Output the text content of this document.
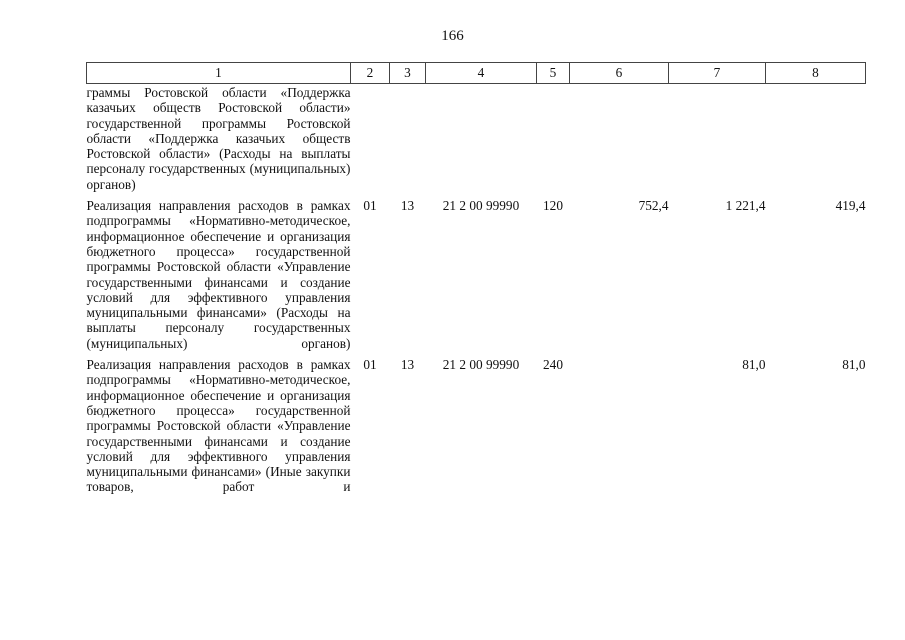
166
1	2	3	4	5	6	7	8
граммы Ростовской области «Поддержка казачьих обществ Ростовской области» государственной программы Ростовской области «Поддержка казачьих обществ Ростовской области» (Расходы на выплаты персоналу государственных (муниципальных) органов)							
Реализация направления расходов в рамках подпрограммы «Нормативно-методическое, информационное обеспечение и организация бюджетного процесса» государственной программы Ростовской области «Управление государственными финансами и создание условий для эффективного управления муниципальными финансами» (Расходы на выплаты персоналу государственных (муниципальных) органов)	01	13	21 2 00 99990	120	752,4	1 221,4	419,4
Реализация направления расходов в рамках подпрограммы «Нормативно-методическое, информационное обеспечение и организация бюджетного процесса» государственной программы Ростовской области «Управление государственными финансами и создание условий для эффективного управления муниципальными финансами» (Иные закупки товаров, работ и	01	13	21 2 00 99990	240		81,0	81,0
